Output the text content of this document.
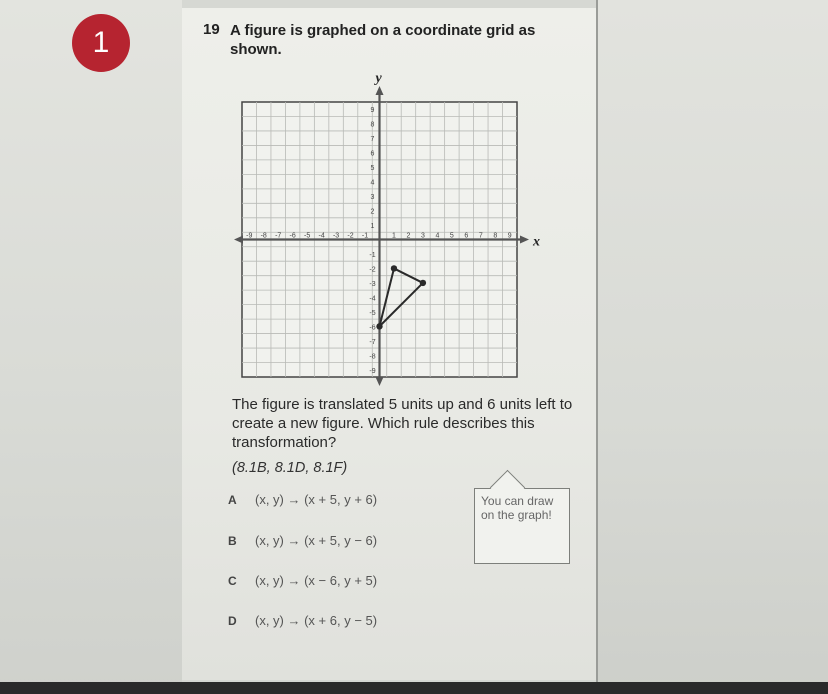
1	19 A figure is graphed on a coordinate grid as shown.
x
y
-9 -8 -7 -6 -5 -4 -3 -2 -1	1 2 3 4 5 6 7 8 9
9
8
7
6
5
4
3
2
1
-1
-2
-3
-4
-5
-6
-7
-8
-9
The figure is translated 5 units up and 6 units left to create a new figure. Which rule describes this transformation?
(8.1B, 8.1D, 8.1F)
A	(x, y) → (x + 5, y + 6)
B	(x, y) → (x + 5, y − 6)
C	(x, y) → (x − 6, y + 5)
D	(x, y) → (x + 6, y − 5)
You can draw on the graph!
